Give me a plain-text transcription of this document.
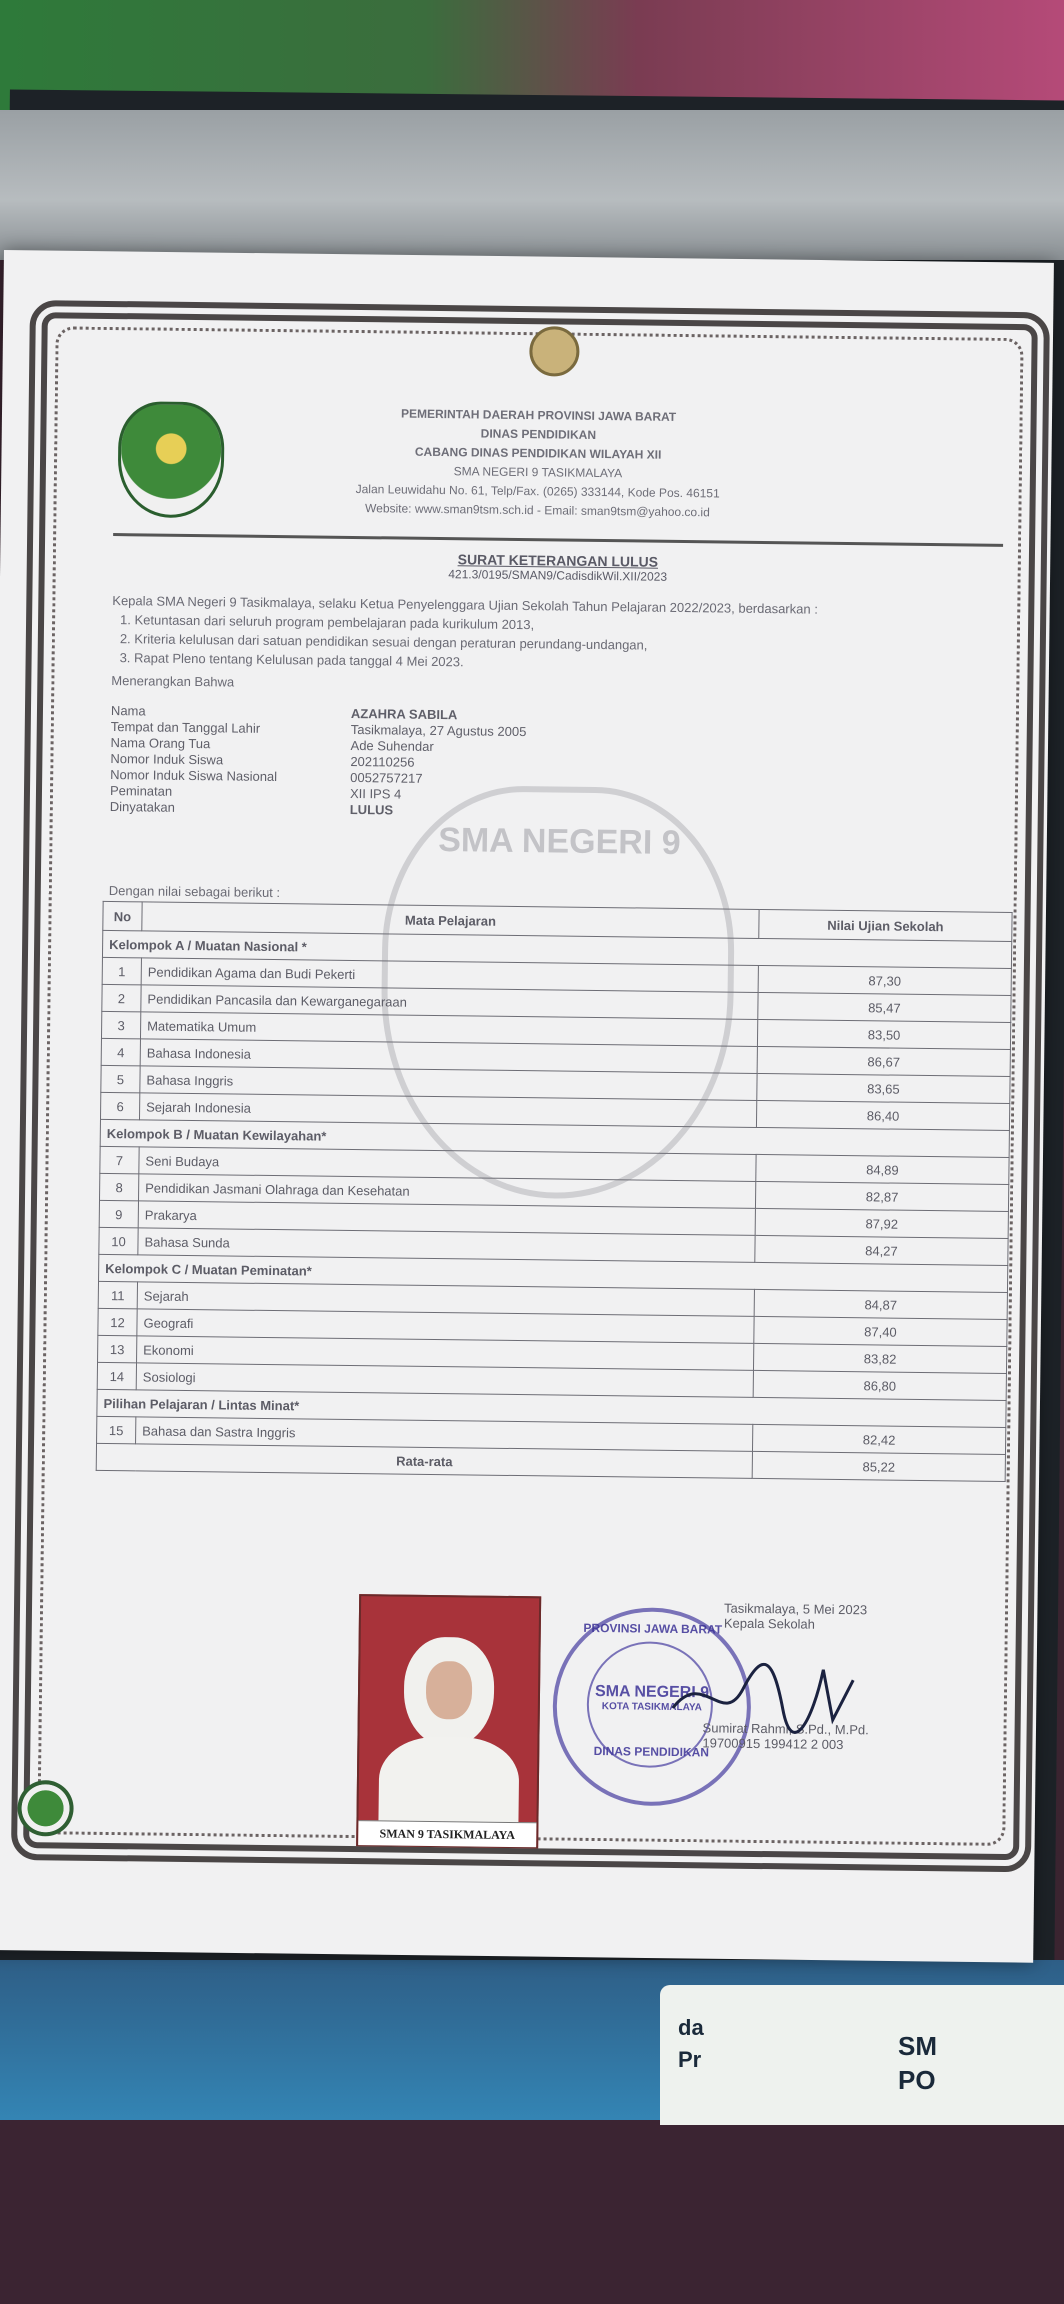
da
Pr	SM
PO
SMA NEGERI 9
PEMERINTAH DAERAH PROVINSI JAWA BARAT
DINAS PENDIDIKAN
CABANG DINAS PENDIDIKAN WILAYAH XII
SMA NEGERI 9 TASIKMALAYA
Jalan Leuwidahu No. 61, Telp/Fax. (0265) 333144, Kode Pos. 46151
Website: www.sman9tsm.sch.id - Email: sman9tsm@yahoo.co.id
SURAT KETERANGAN LULUS
421.3/0195/SMAN9/CadisdikWil.XII/2023
Kepala SMA Negeri 9 Tasikmalaya, selaku Ketua Penyelenggara Ujian Sekolah Tahun Pelajaran 2022/2023, berdasarkan :
1. Ketuntasan dari seluruh program pembelajaran pada kurikulum 2013,
2. Kriteria kelulusan dari satuan pendidikan sesuai dengan peraturan perundang-undangan,
3. Rapat Pleno tentang Kelulusan pada tanggal 4 Mei 2023.
Menerangkan Bahwa
Nama	AZAHRA SABILA
Tempat dan Tanggal Lahir	Tasikmalaya, 27 Agustus 2005
Nama Orang Tua	Ade Suhendar
Nomor Induk Siswa	202110256
Nomor Induk Siswa Nasional	0052757217
Peminatan	XII IPS 4
Dinyatakan	LULUS
Dengan nilai sebagai berikut :
No	Mata Pelajaran	Nilai Ujian Sekolah
Kelompok A / Muatan Nasional *		
1	Pendidikan Agama dan Budi Pekerti	87,30
2	Pendidikan Pancasila dan Kewarganegaraan	85,47
3	Matematika Umum	83,50
4	Bahasa Indonesia	86,67
5	Bahasa Inggris	83,65
6	Sejarah Indonesia	86,40
Kelompok B / Muatan Kewilayahan*		
7	Seni Budaya	84,89
8	Pendidikan Jasmani Olahraga dan Kesehatan	82,87
9	Prakarya	87,92
10	Bahasa Sunda	84,27
Kelompok C / Muatan Peminatan*		
11	Sejarah	84,87
12	Geografi	87,40
13	Ekonomi	83,82
14	Sosiologi	86,80
Pilihan Pelajaran / Lintas Minat*		
15	Bahasa dan Sastra Inggris	82,42
Rata-rata		85,22
SMAN 9 TASIKMALAYA
PROVINSI JAWA BARAT
SMA NEGERI 9
KOTA TASIKMALAYA
DINAS PENDIDIKAN
Tasikmalaya, 5 Mei 2023
Kepala Sekolah
Sumirat Rahmi, S.Pd., M.Pd.
19700915 199412 2 003
